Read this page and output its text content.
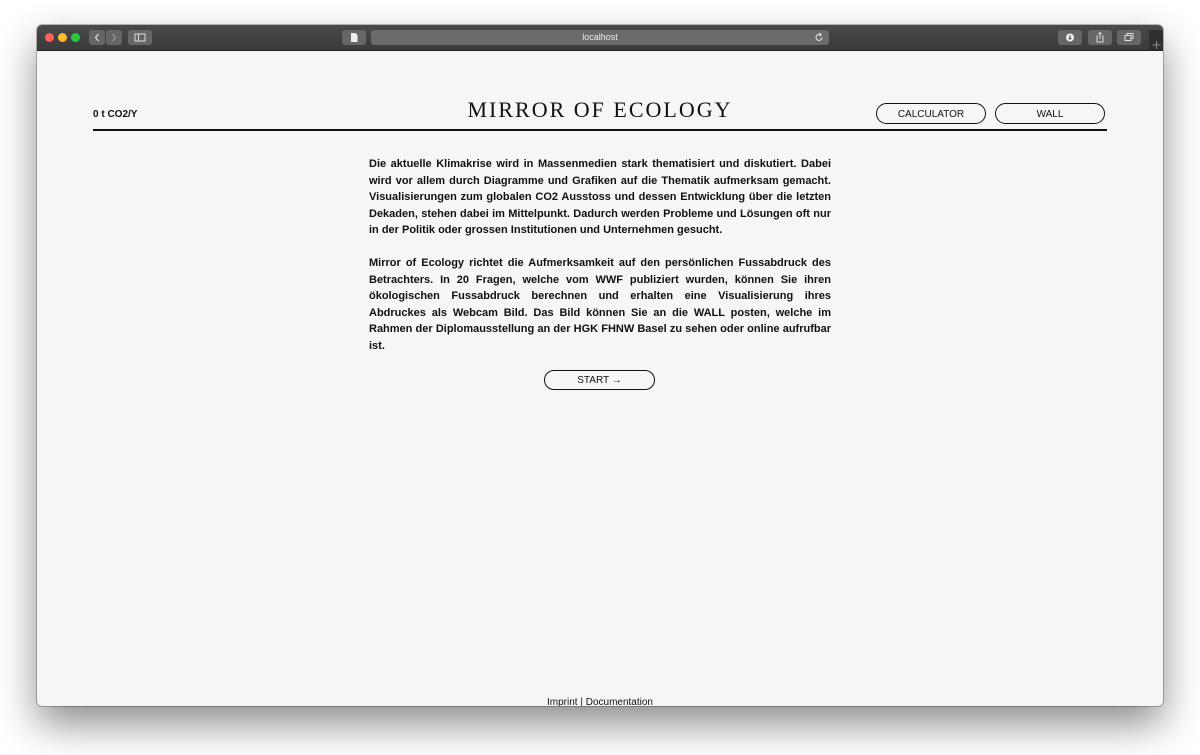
localhost
0 t CO2/Y	MIRROR OF ECOLOGY	CALCULATOR	WALL

Die aktuelle Klimakrise wird in Massenmedien stark thematisiert und diskutiert. Dabei wird vor allem durch Diagramme und Grafiken auf die Thematik aufmerksam gemacht. Visualisierungen zum globalen CO2 Ausstoss und dessen Entwicklung über die letzten Dekaden, stehen dabei im Mittelpunkt. Dadurch werden Probleme und Lösungen oft nur in der Politik oder grossen Institutionen und Unternehmen gesucht.

Mirror of Ecology richtet die Aufmerksamkeit auf den persönlichen Fussabdruck des Betrachters. In 20 Fragen, welche vom WWF publiziert wurden, können Sie ihren ökologischen Fussabdruck berechnen und erhalten eine Visualisierung ihres Abdruckes als Webcam Bild. Das Bild können Sie an die WALL posten, welche im Rahmen der Diplomausstellung an der HGK FHNW Basel zu sehen oder online aufrufbar ist.

START →
Imprint | Documentation
